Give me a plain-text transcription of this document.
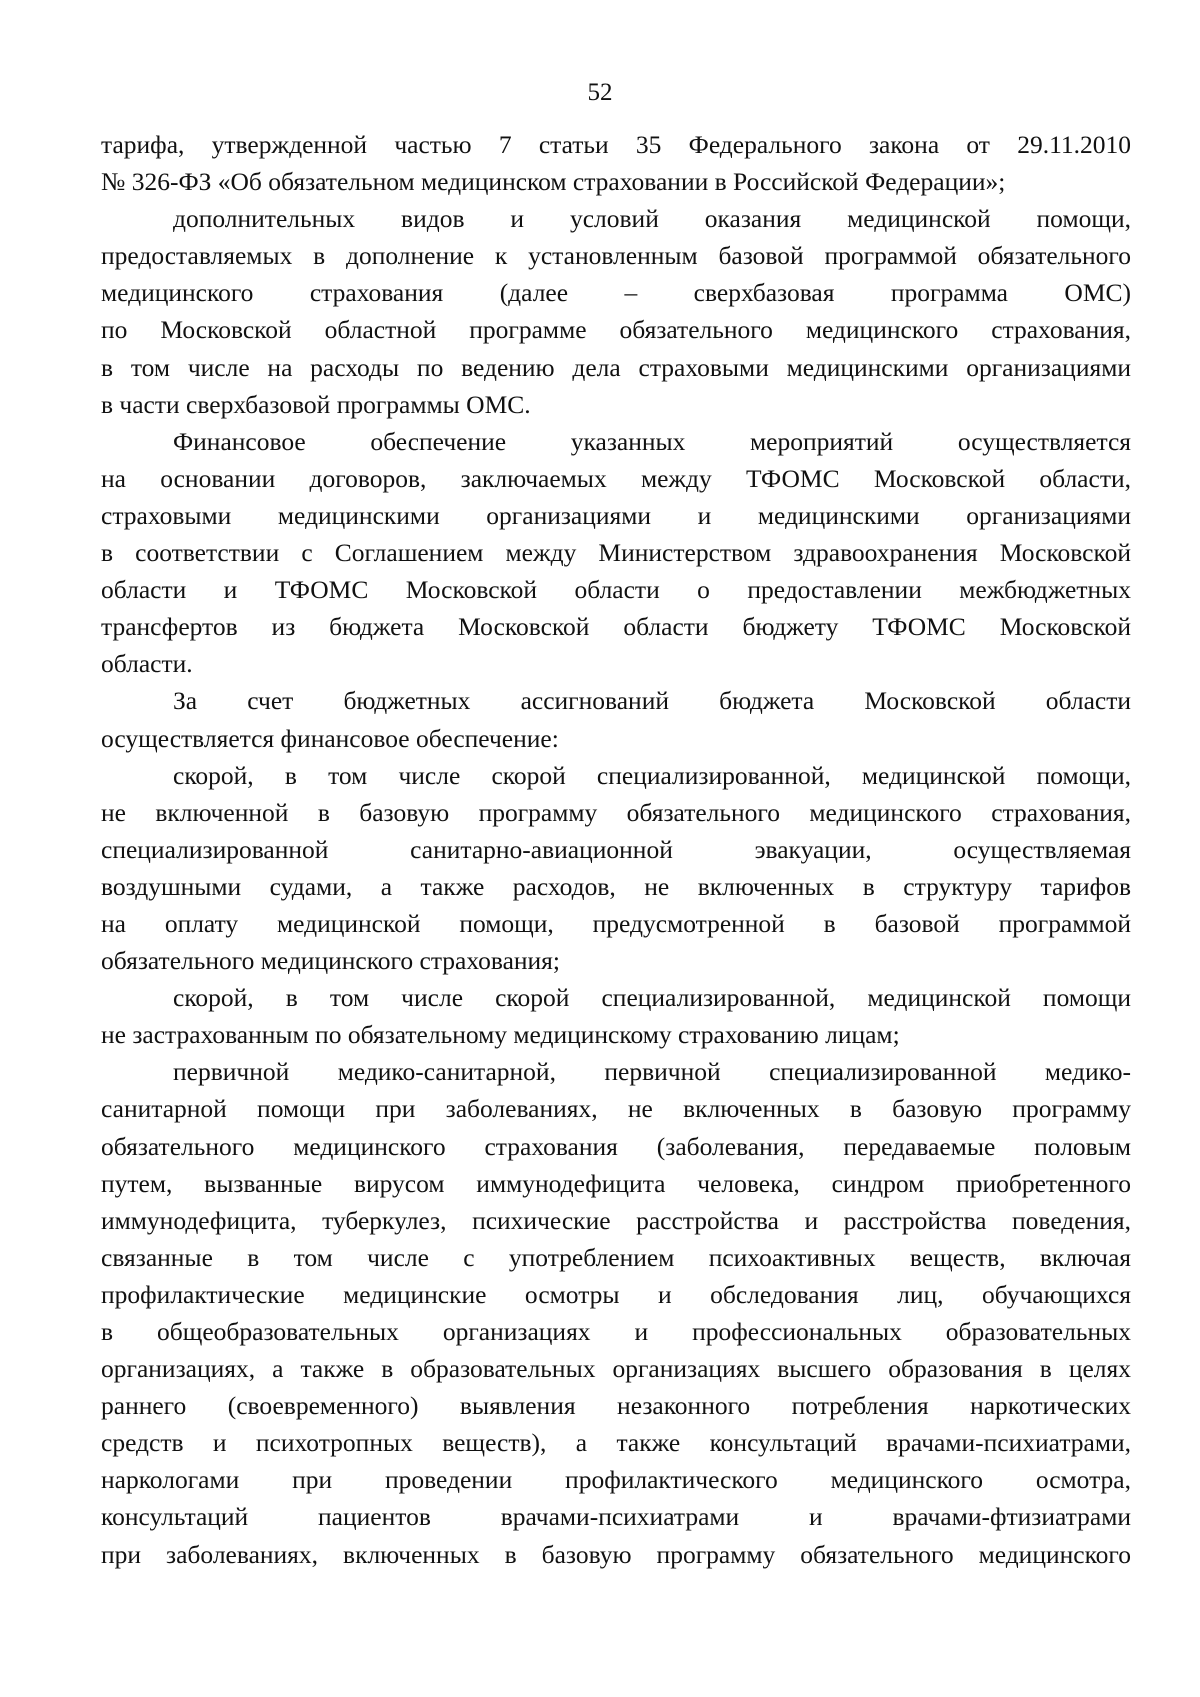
52
тарифа, утвержденной частью 7 статьи 35 Федерального закона от 29.11.2010
№ 326-ФЗ «Об обязательном медицинском страховании в Российской Федерации»;
дополнительных видов и условий оказания медицинской помощи,
предоставляемых в дополнение к установленным базовой программой обязательного
медицинского страхования (далее – сверхбазовая программа ОМС)
по Московской областной программе обязательного медицинского страхования,
в том числе на расходы по ведению дела страховыми медицинскими организациями
в части сверхбазовой программы ОМС.
Финансовое обеспечение указанных мероприятий осуществляется
на основании договоров, заключаемых между ТФОМС Московской области,
страховыми медицинскими организациями и медицинскими организациями
в соответствии с Соглашением между Министерством здравоохранения Московской
области и ТФОМС Московской области о предоставлении межбюджетных
трансфертов из бюджета Московской области бюджету ТФОМС Московской
области.
За счет бюджетных ассигнований бюджета Московской области
осуществляется финансовое обеспечение:
скорой, в том числе скорой специализированной, медицинской помощи,
не включенной в базовую программу обязательного медицинского страхования,
специализированной санитарно-авиационной эвакуации, осуществляемая
воздушными судами, а также расходов, не включенных в структуру тарифов
на оплату медицинской помощи, предусмотренной в базовой программой
обязательного медицинского страхования;
скорой, в том числе скорой специализированной, медицинской помощи
не застрахованным по обязательному медицинскому страхованию лицам;
первичной медико-санитарной, первичной специализированной медико-
санитарной помощи при заболеваниях, не включенных в базовую программу
обязательного медицинского страхования (заболевания, передаваемые половым
путем, вызванные вирусом иммунодефицита человека, синдром приобретенного
иммунодефицита, туберкулез, психические расстройства и расстройства поведения,
связанные в том числе с употреблением психоактивных веществ, включая
профилактические медицинские осмотры и обследования лиц, обучающихся
в общеобразовательных организациях и профессиональных образовательных
организациях, а также в образовательных организациях высшего образования в целях
раннего (своевременного) выявления незаконного потребления наркотических
средств и психотропных веществ), а также консультаций врачами-психиатрами,
наркологами при проведении профилактического медицинского осмотра,
консультаций пациентов врачами-психиатрами и врачами-фтизиатрами
при заболеваниях, включенных в базовую программу обязательного медицинского
